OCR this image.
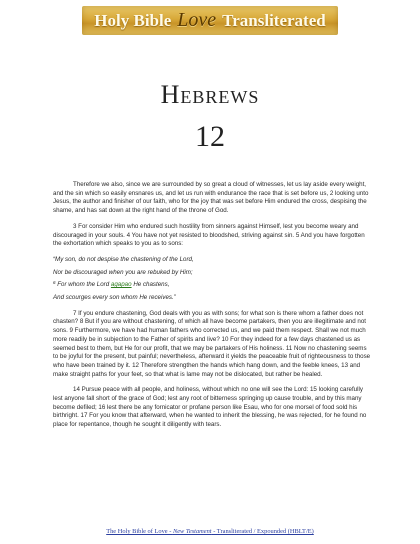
Holy Bible Love Transliterated
Hebrews
12

Therefore we also, since we are surrounded by so great a cloud of witnesses, let us lay aside every weight, and the sin which so easily ensnares us, and let us run with endurance the race that is set before us, 2 looking unto Jesus, the author and finisher of our faith, who for the joy that was set before Him endured the cross, despising the shame, and has sat down at the right hand of the throne of God.

3 For consider Him who endured such hostility from sinners against Himself, lest you become weary and discouraged in your souls. 4 You have not yet resisted to bloodshed, striving against sin. 5 And you have forgotten the exhortation which speaks to you as to sons:

“My son, do not despise the chastening of the Lord,

Nor be discouraged when you are rebuked by Him;

$^6$ For whom the Lord agapao He chastens,

And scourges every son whom He receives.”

7 If you endure chastening, God deals with you as with sons; for what son is there whom a father does not chasten? 8 But if you are without chastening, of which all have become partakers, then you are illegitimate and not sons. 9 Furthermore, we have had human fathers who corrected us, and we paid them respect. Shall we not much more readily be in subjection to the Father of spirits and live? 10 For they indeed for a few days chastened us as seemed best to them, but He for our profit, that we may be partakers of His holiness. 11 Now no chastening seems to be joyful for the present, but painful; nevertheless, afterward it yields the peaceable fruit of righteousness to those who have been trained by it. 12 Therefore strengthen the hands which hang down, and the feeble knees, 13 and make straight paths for your feet, so that what is lame may not be dislocated, but rather be healed.

14 Pursue peace with all people, and holiness, without which no one will see the Lord: 15 looking carefully lest anyone fall short of the grace of God; lest any root of bitterness springing up cause trouble, and by this many become defiled; 16 lest there be any fornicator or profane person like Esau, who for one morsel of food sold his birthright. 17 For you know that afterward, when he wanted to inherit the blessing, he was rejected, for he found no place for repentance, though he sought it diligently with tears.

The Holy Bible of Love - New Testament - Transliterated / Expounded (HBLT/E)
